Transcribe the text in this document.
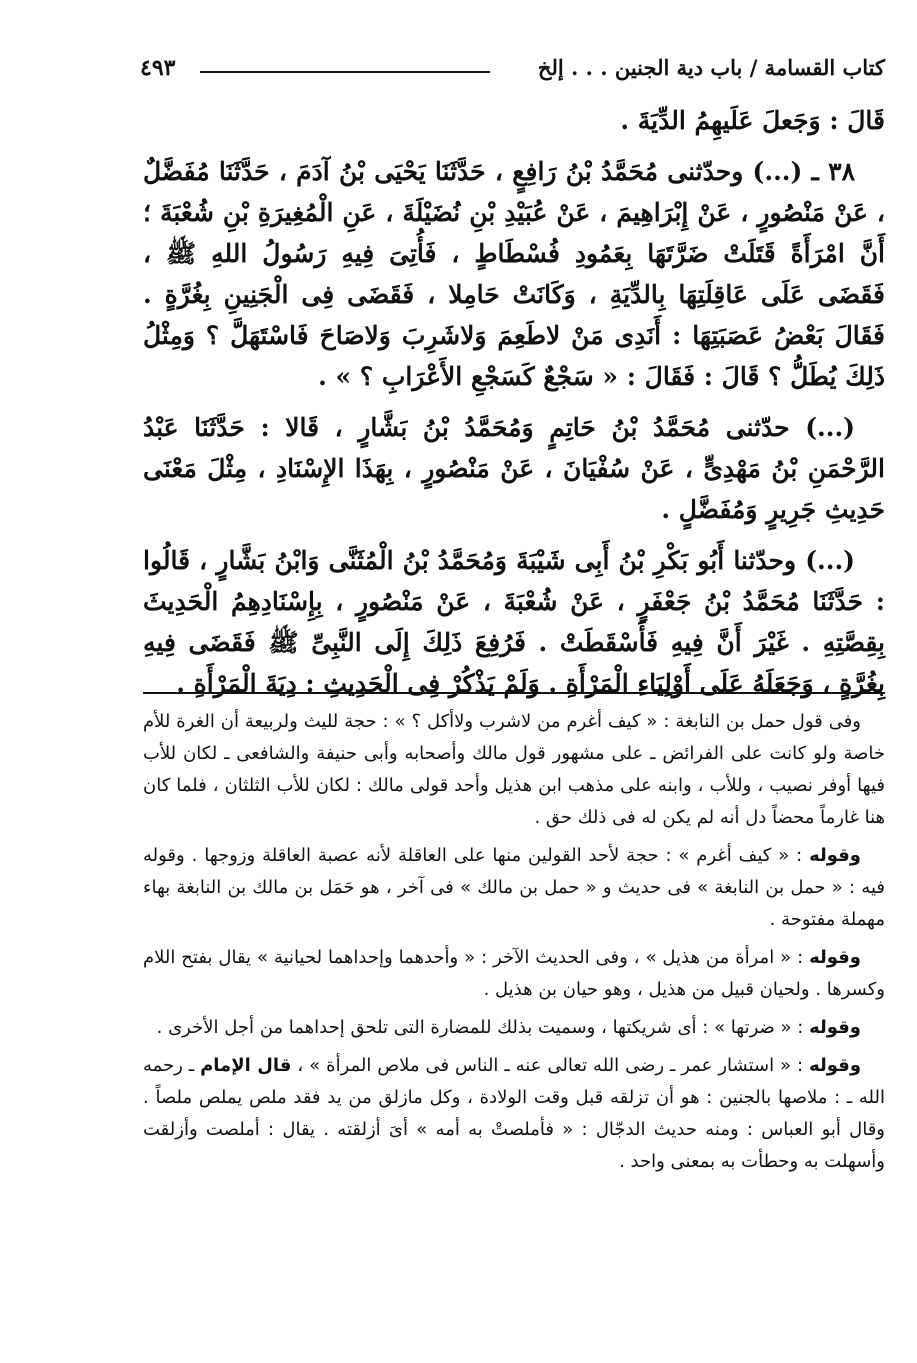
كتاب القسامة / باب دية الجنين . . . إلخ
٤٩٣

قَالَ : وَجَعلَ عَلَيهِمُ الدِّيَةَ .

٣٨ ـ (...) وحدّثنى مُحَمَّدُ بْنُ رَافِعٍ ، حَدَّثَنَا يَحْيَى بْنُ آدَمَ ، حَدَّثَنَا مُفَضَّلٌ ، عَنْ مَنْصُورٍ ، عَنْ إِبْرَاهِيمَ ، عَنْ عُبَيْدِ بْنِ نُضَيْلَةَ ، عَنِ الْمُغِيرَةِ بْنِ شُعْبَةَ ؛ أَنَّ امْرَأَةً قَتَلَتْ ضَرَّتَهَا بِعَمُودِ فُسْطَاطٍ ، فَأُتِىَ فِيهِ رَسُولُ اللهِ ﷺ ، فَقَضَى عَلَى عَاقِلَتِهَا بِالدِّيَةِ ، وَكَانَتْ حَامِلا ، فَقَضَى فِى الْجَنِينِ بِغُرَّةٍ . فَقَالَ بَعْضُ عَصَبَتِهَا : أَنَدِى مَنْ لاطَعِمَ وَلاشَرِبَ وَلاصَاحَ فَاسْتَهَلَّ ؟ وَمِثْلُ ذَلِكَ يُطَلُّ ؟ قَالَ : فَقَالَ : « سَجْعٌ كَسَجْعِ الأَعْرَابِ ؟ » .

(...) حدّثنى مُحَمَّدُ بْنُ حَاتِمٍ وَمُحَمَّدُ بْنُ بَشَّارٍ ، قَالا : حَدَّثَنَا عَبْدُ الرَّحْمَنِ بْنُ مَهْدِىٍّ ، عَنْ سُفْيَانَ ، عَنْ مَنْصُورٍ ، بِهَذَا الإِسْنَادِ ، مِثْلَ مَعْنَى حَدِيثِ جَرِيرٍ وَمُفَضَّلٍ .

(...) وحدّثنا أَبُو بَكْرِ بْنُ أَبِى شَيْبَةَ وَمُحَمَّدُ بْنُ الْمُثَنَّى وَابْنُ بَشَّارٍ ، قَالُوا : حَدَّثَنَا مُحَمَّدُ بْنُ جَعْفَرٍ ، عَنْ شُعْبَةَ ، عَنْ مَنْصُورٍ ، بِإِسْنَادِهِمُ الْحَدِيثَ بِقِصَّتِهِ . غَيْرَ أَنَّ فِيهِ فَأَسْقَطَتْ . فَرُفِعَ ذَلِكَ إِلَى النَّبِىِّ ﷺ فَقَضَى فِيهِ بِغُرَّةٍ ، وَجَعَلَهُ عَلَى أَوْلِيَاءِ الْمَرْأَةِ . وَلَمْ يَذْكُرْ فِى الْحَدِيثِ : دِيَةَ الْمَرْأَةِ .

وفى قول حمل بن النابغة : « كيف أغرم من لاشرب ولاأكل ؟ » : حجة لليث ولربيعة أن الغرة للأم خاصة ولو كانت على الفرائض ـ على مشهور قول مالك وأصحابه وأبى حنيفة والشافعى ـ لكان للأب فيها أوفر نصيب ، وللأب ، وابنه على مذهب ابن هذيل وأحد قولى مالك : لكان للأب الثلثان ، فلما كان هنا غارماً محضاً دل أنه لم يكن له فى ذلك حق .

وقوله : « كيف أغرم » : حجة لأحد القولين منها على العاقلة لأنه عصبة العاقلة وزوجها . وقوله فيه : « حمل بن النابغة » فى حديث و « حمل بن مالك » فى آخر ، هو حَمَل بن مالك بن النابغة بهاء مهملة مفتوحة .

وقوله : « امرأة من هذيل » ، وفى الحديث الآخر : « وأحدهما وإحداهما لحيانية » يقال بفتح اللام وكسرها . ولحيان قبيل من هذيل ، وهو حيان بن هذيل .

وقوله : « ضرتها » : أى شريكتها ، وسميت بذلك للمضارة التى تلحق إحداهما من أجل الأخرى .

وقوله : « استشار عمر ـ رضى الله تعالى عنه ـ الناس فى ملاص المرأة » ، قال الإمام ـ رحمه الله ـ : ملاصها بالجنين : هو أن تزلقه قبل وقت الولادة ، وكل مازلق من يد فقد ملص يملص ملصاً . وقال أبو العباس : ومنه حديث الدجّال : « فأملصتْ به أمه » أىَ أزلقته . يقال : أملصت وأزلقت وأسهلت به وحطأت به بمعنى واحد .
